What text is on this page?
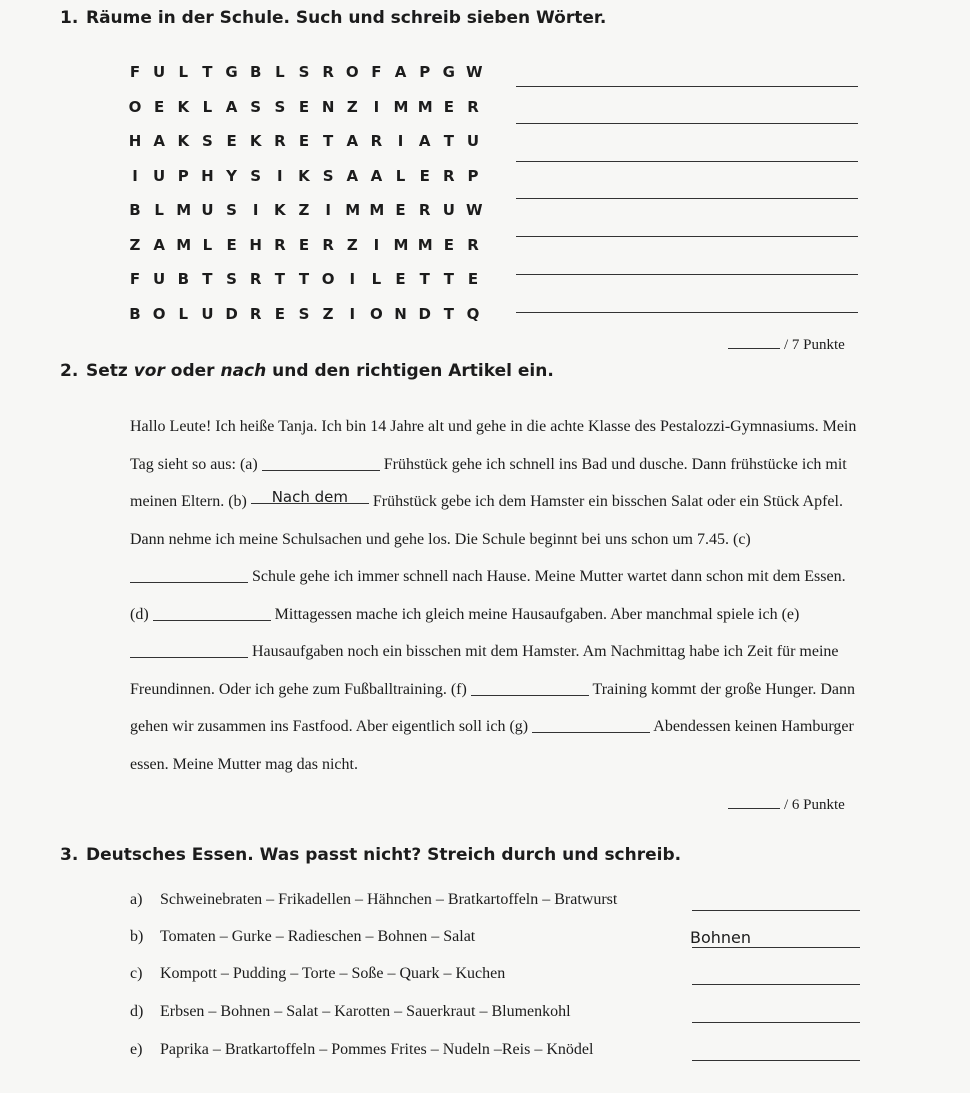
1. Räume in der Schule. Such und schreib sieben Wörter.
F U L T G B L S R O F A P G W
O E K L A S S E N Z I M M E R
H A K S E K R E T A R I A T U
I U P H Y S I K S A A L E R P
B L M U S I K Z I M M E R U W
Z A M L E H R E R Z I M M E R
F U B T S R T T O I L E T T E
B O L U D R E S Z I O N D T Q
/ 7 Punkte
2. Setz vor oder nach und den richtigen Artikel ein.

Hallo Leute! Ich heiße Tanja. Ich bin 14 Jahre alt und gehe in die achte Klasse des Pestalozzi-Gymnasiums. Mein Tag sieht so aus: (a)	Frühstück gehe ich schnell ins Bad und dusche. Dann frühstücke ich mit meinen Eltern. (b) Nach dem Frühstück gebe ich dem Hamster ein bisschen Salat oder ein Stück Apfel. Dann nehme ich meine Schulsachen und gehe los. Die Schule beginnt bei uns schon um 7.45. (c)  Schule gehe ich immer schnell nach Hause. Meine Mutter wartet dann schon mit dem Essen. (d)	Mittagessen mache ich gleich meine Hausaufgaben. Aber manchmal spiele ich (e)  Hausaufgaben noch ein bisschen mit dem Hamster. Am Nachmittag habe ich Zeit für meine Freundinnen. Oder ich gehe zum Fußballtraining. (f)	Training kommt der große Hunger. Dann gehen wir zusammen ins Fastfood. Aber eigentlich soll ich (g)	Abendessen keinen Hamburger essen. Meine Mutter mag das nicht.

/ 6 Punkte
3. Deutsches Essen. Was passt nicht? Streich durch und schreib.
a) Schweinebraten – Frikadellen – Hähnchen – Bratkartoffeln – Bratwurst
b) Tomaten – Gurke – Radieschen – Bohnen – Salat	Bohnen
c) Kompott – Pudding – Torte – Soße – Quark – Kuchen
d) Erbsen – Bohnen – Salat – Karotten – Sauerkraut – Blumenkohl
e) Paprika – Bratkartoffeln – Pommes Frites – Nudeln –Reis – Knödel
